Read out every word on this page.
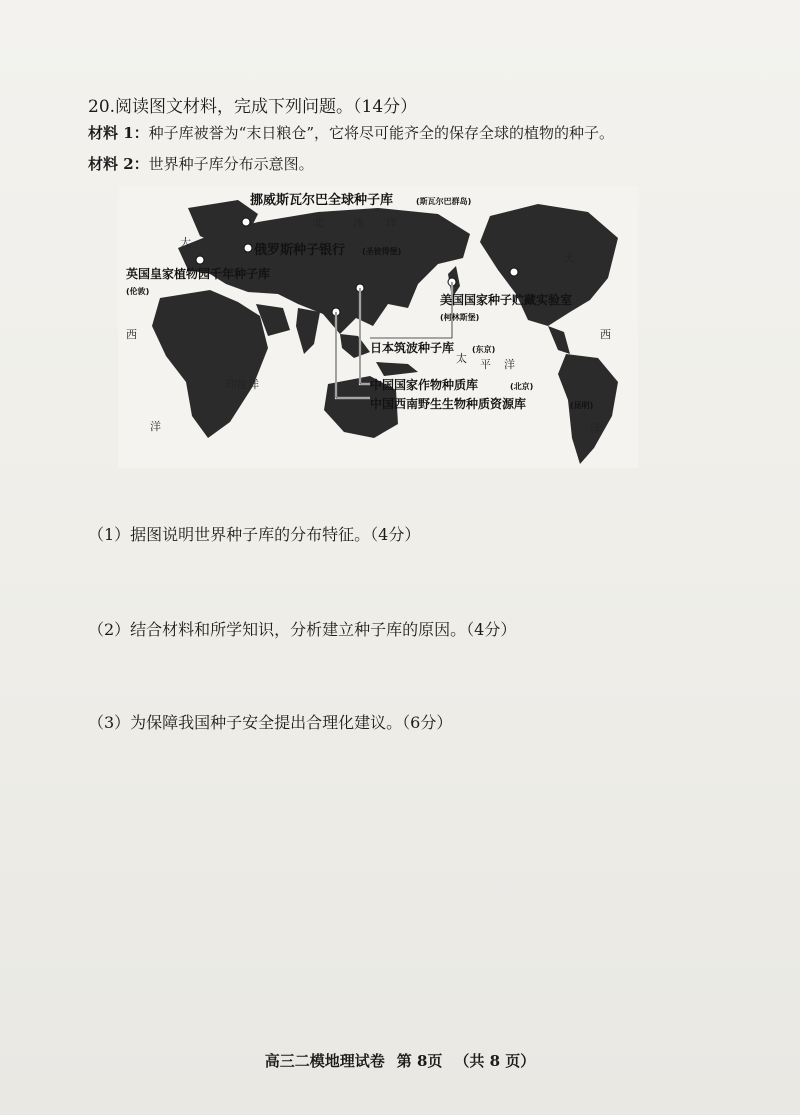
20.阅读图文材料，完成下列问题。（14分）
材料 1：种子库被誉为“末日粮仓”，它将尽可能齐全的保存全球的植物的种子。
材料 2：世界种子库分布示意图。
北	冰 洋
太 平 洋
印度洋
大
西
洋
大
西
洋
挪威斯瓦尔巴全球种子库	(斯瓦尔巴群岛)
俄罗斯种子银行 (圣彼得堡)
英国皇家植物园千年种子库
(伦敦)
美国国家种子贮藏实验室
(柯林斯堡)
日本筑波种子库 (东京)
中国国家作物种质库	(北京)
中国西南野生生物种质资源库	(昆明)
（1）据图说明世界种子库的分布特征。（4分）
（2）结合材料和所学知识，分析建立种子库的原因。（4分）
（3）为保障我国种子安全提出合理化建议。（6分）
高三二模地理试卷 第 8页 （共 8 页）
